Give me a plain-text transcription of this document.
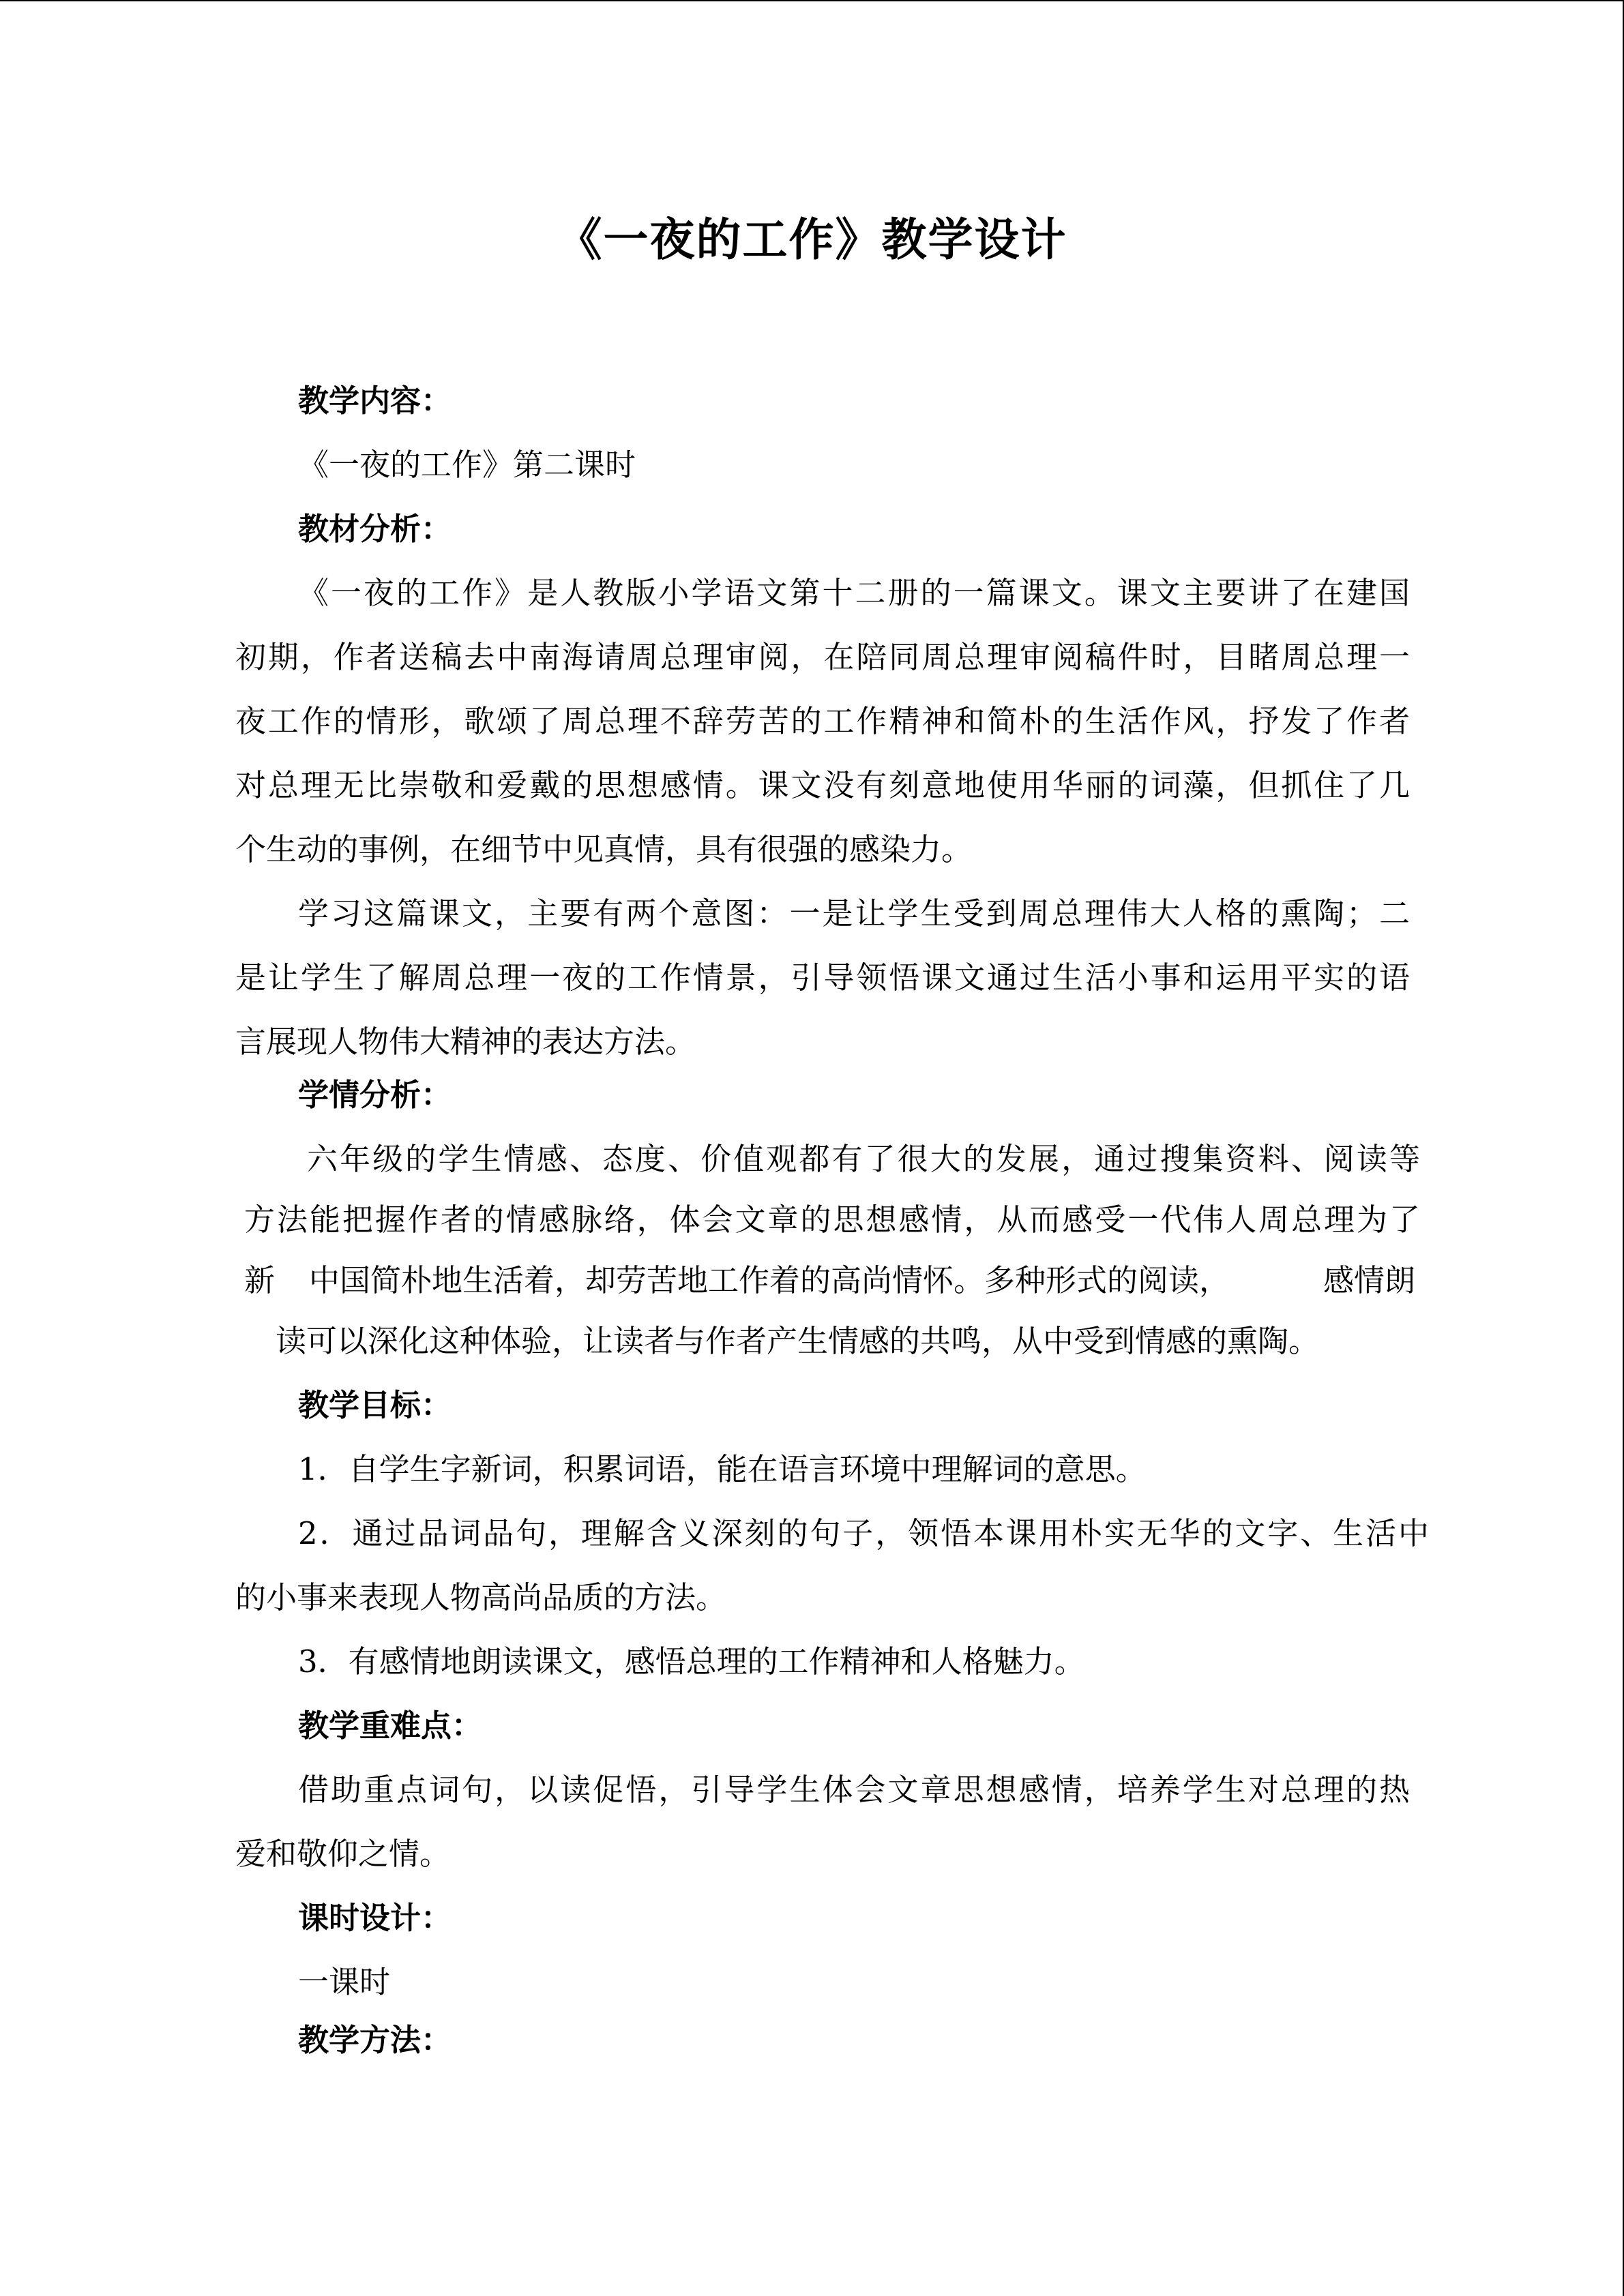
《一夜的工作》教学设计
教学内容：
《一夜的工作》第二课时
教材分析：
《一夜的工作》是人教版小学语文第十二册的一篇课文。课文主要讲了在建国
初期，作者送稿去中南海请周总理审阅，在陪同周总理审阅稿件时，目睹周总理一
夜工作的情形，歌颂了周总理不辞劳苦的工作精神和简朴的生活作风，抒发了作者
对总理无比崇敬和爱戴的思想感情。课文没有刻意地使用华丽的词藻，但抓住了几
个生动的事例，在细节中见真情，具有很强的感染力。
学习这篇课文，主要有两个意图：一是让学生受到周总理伟大人格的熏陶；二
是让学生了解周总理一夜的工作情景，引导领悟课文通过生活小事和运用平实的语
言展现人物伟大精神的表达方法。
学情分析：
六年级的学生情感、态度、价值观都有了很大的发展，通过搜集资料、阅读等
方法能把握作者的情感脉络，体会文章的思想感情，从而感受一代伟人周总理为了
新 中国简朴地生活着，却劳苦地工作着的高尚情怀。多种形式的阅读，	感情朗
读可以深化这种体验，让读者与作者产生情感的共鸣，从中受到情感的熏陶。
教学目标：
1．自学生字新词，积累词语，能在语言环境中理解词的意思。
2．通过品词品句，理解含义深刻的句子，领悟本课用朴实无华的文字、生活中
的小事来表现人物高尚品质的方法。
3．有感情地朗读课文，感悟总理的工作精神和人格魅力。
教学重难点：
借助重点词句，以读促悟，引导学生体会文章思想感情，培养学生对总理的热
爱和敬仰之情。
课时设计：
一课时
教学方法：
